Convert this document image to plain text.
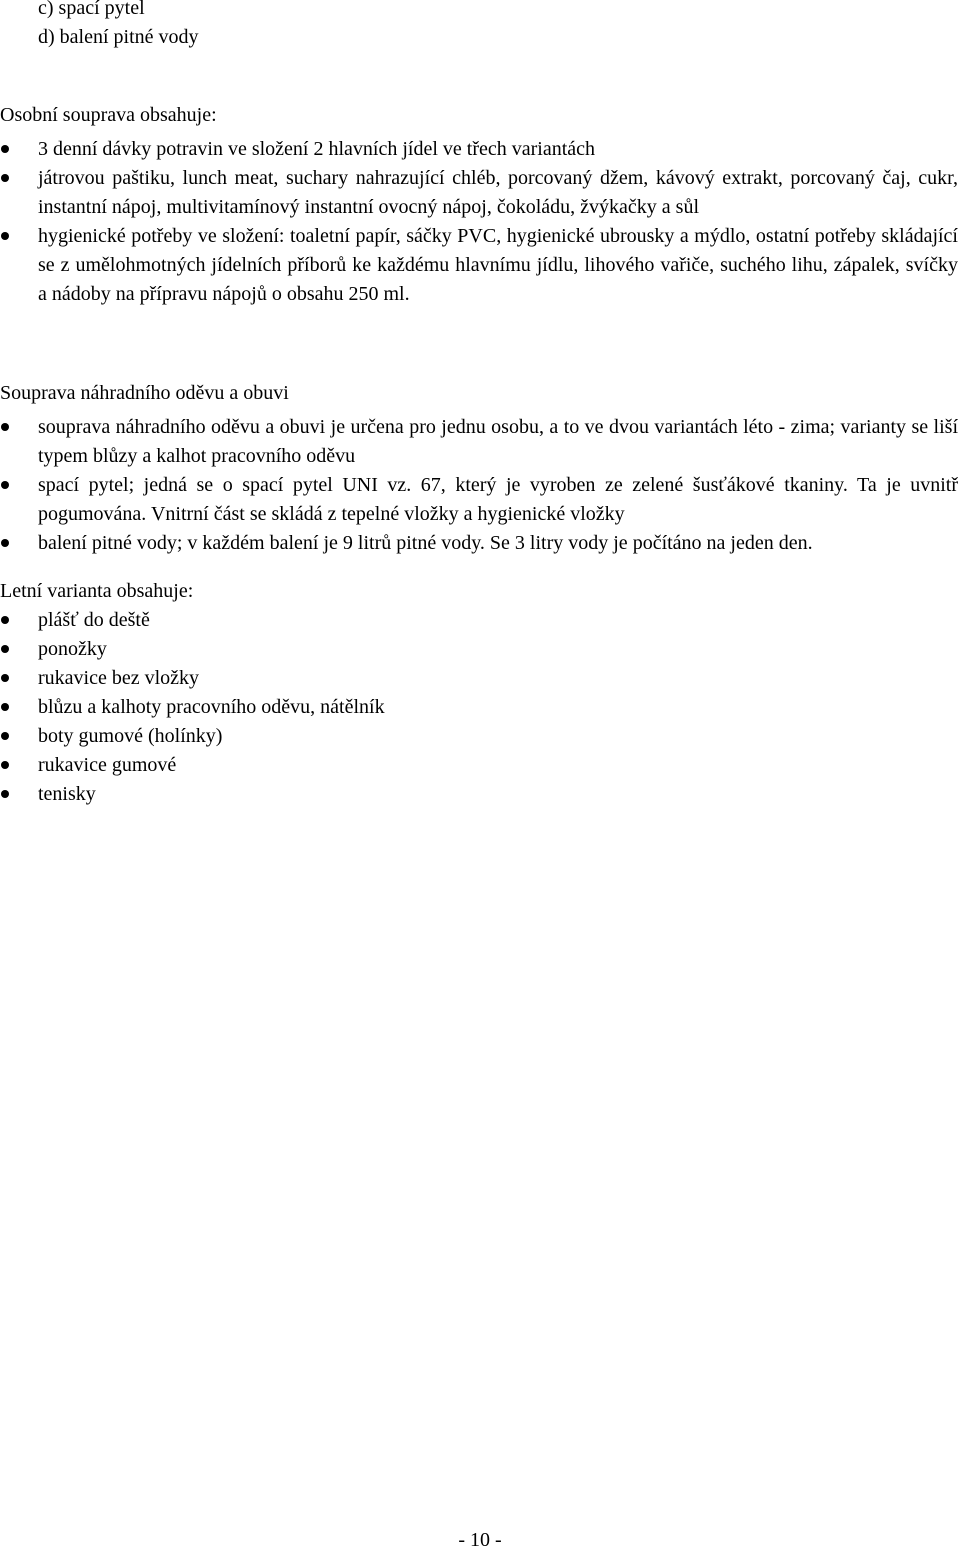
c) spací pytel
d) balení pitné vody
Osobní souprava obsahuje:
3 denní dávky potravin ve složení 2 hlavních jídel ve třech variantách
játrovou paštiku, lunch meat, suchary nahrazující chléb, porcovaný džem, kávový extrakt, porcovaný čaj, cukr, instantní nápoj, multivitamínový instantní ovocný nápoj, čokoládu, žvýkačky a sůl
hygienické potřeby ve složení: toaletní papír, sáčky PVC, hygienické ubrousky a mýdlo, ostatní potřeby skládající se z umělohmotných jídelních příborů ke každému hlavnímu jídlu, lihového vařiče, suchého lihu, zápalek, svíčky a nádoby na přípravu nápojů o obsahu 250 ml.
Souprava náhradního oděvu a obuvi
souprava náhradního oděvu a obuvi je určena pro jednu osobu, a to ve dvou variantách léto - zima; varianty se liší typem blůzy a kalhot pracovního oděvu
spací pytel; jedná se o spací pytel UNI vz. 67, který je vyroben ze zelené šusťákové tkaniny. Ta je uvnitř pogumována. Vnitrní část se skládá z tepelné vložky a hygienické vložky
balení pitné vody; v každém balení je 9 litrů pitné vody. Se 3 litry vody je počítáno na jeden den.
Letní varianta obsahuje:
plášť do deště
ponožky
rukavice bez vložky
blůzu a kalhoty pracovního oděvu, nátělník
boty gumové (holínky)
rukavice gumové
tenisky
- 10 -
